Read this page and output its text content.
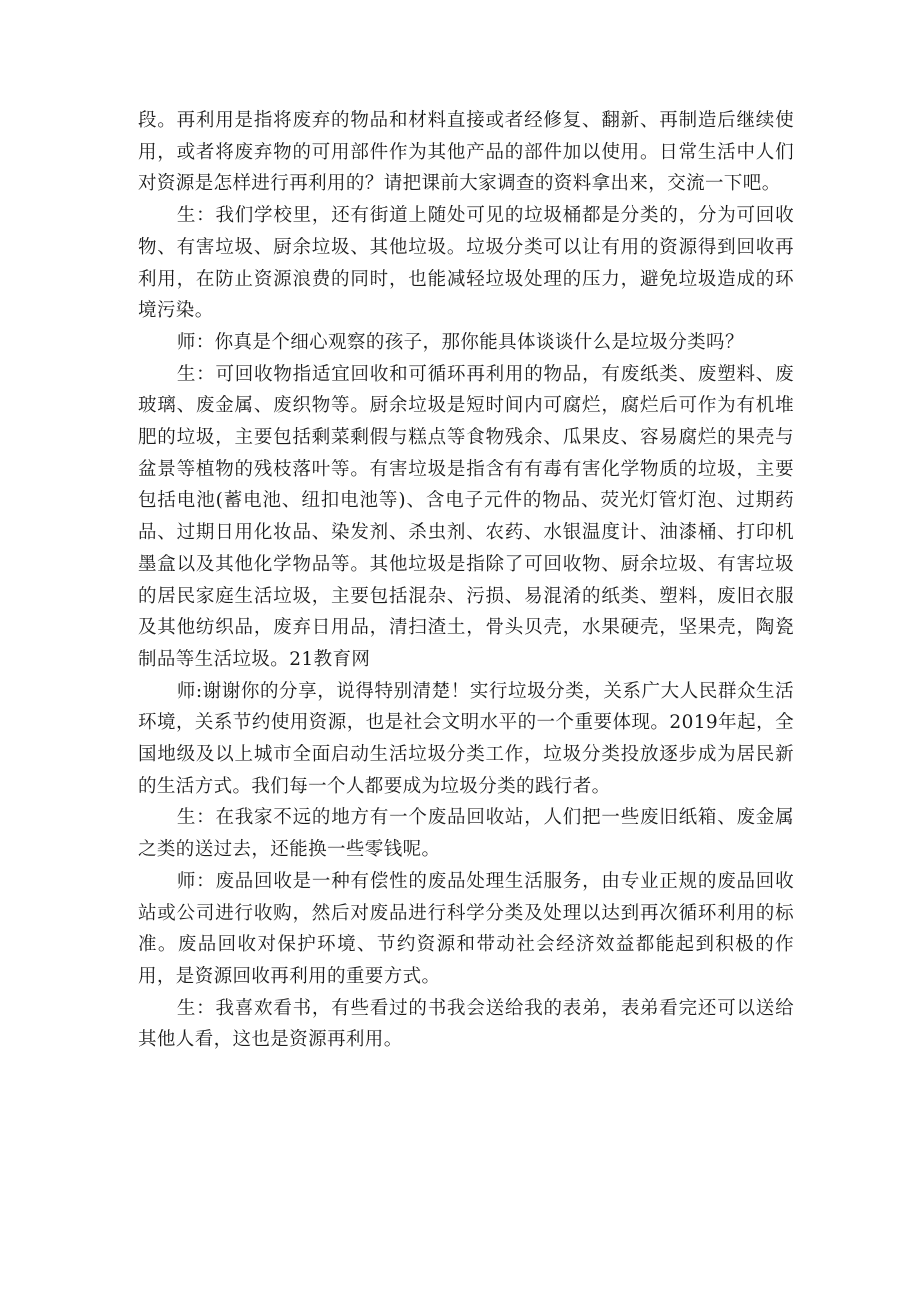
段。再利用是指将废弃的物品和材料直接或者经修复、翻新、再制造后继续使用，或者将废弃物的可用部件作为其他产品的部件加以使用。日常生活中人们对资源是怎样进行再利用的？请把课前大家调查的资料拿出来，交流一下吧。

生：我们学校里，还有街道上随处可见的垃圾桶都是分类的，分为可回收物、有害垃圾、厨余垃圾、其他垃圾。垃圾分类可以让有用的资源得到回收再利用，在防止资源浪费的同时，也能减轻垃圾处理的压力，避免垃圾造成的环境污染。

师：你真是个细心观察的孩子，那你能具体谈谈什么是垃圾分类吗？

生：可回收物指适宜回收和可循环再利用的物品，有废纸类、废塑料、废玻璃、废金属、废织物等。厨余垃圾是短时间内可腐烂，腐烂后可作为有机堆肥的垃圾，主要包括剩菜剩假与糕点等食物残余、瓜果皮、容易腐烂的果壳与盆景等植物的残枝落叶等。有害垃圾是指含有有毒有害化学物质的垃圾，主要包括电池(蓄电池、纽扣电池等)、含电子元件的物品、荧光灯管灯泡、过期药品、过期日用化妆品、染发剂、杀虫剂、农药、水银温度计、油漆桶、打印机墨盒以及其他化学物品等。其他垃圾是指除了可回收物、厨余垃圾、有害垃圾的居民家庭生活垃圾，主要包括混杂、污损、易混淆的纸类、塑料，废旧衣服及其他纺织品，废弃日用品，清扫渣土，骨头贝壳，水果硬壳，坚果壳，陶瓷制品等生活垃圾。21教育网

师:谢谢你的分享，说得特别清楚！实行垃圾分类，关系广大人民群众生活环境，关系节约使用资源，也是社会文明水平的一个重要体现。2019年起，全国地级及以上城市全面启动生活垃圾分类工作，垃圾分类投放逐步成为居民新的生活方式。我们每一个人都要成为垃圾分类的践行者。

生：在我家不远的地方有一个废品回收站，人们把一些废旧纸箱、废金属之类的送过去，还能换一些零钱呢。

师：废品回收是一种有偿性的废品处理生活服务，由专业正规的废品回收站或公司进行收购，然后对废品进行科学分类及处理以达到再次循环利用的标准。废品回收对保护环境、节约资源和带动社会经济效益都能起到积极的作用，是资源回收再利用的重要方式。

生：我喜欢看书，有些看过的书我会送给我的表弟，表弟看完还可以送给其他人看，这也是资源再利用。
